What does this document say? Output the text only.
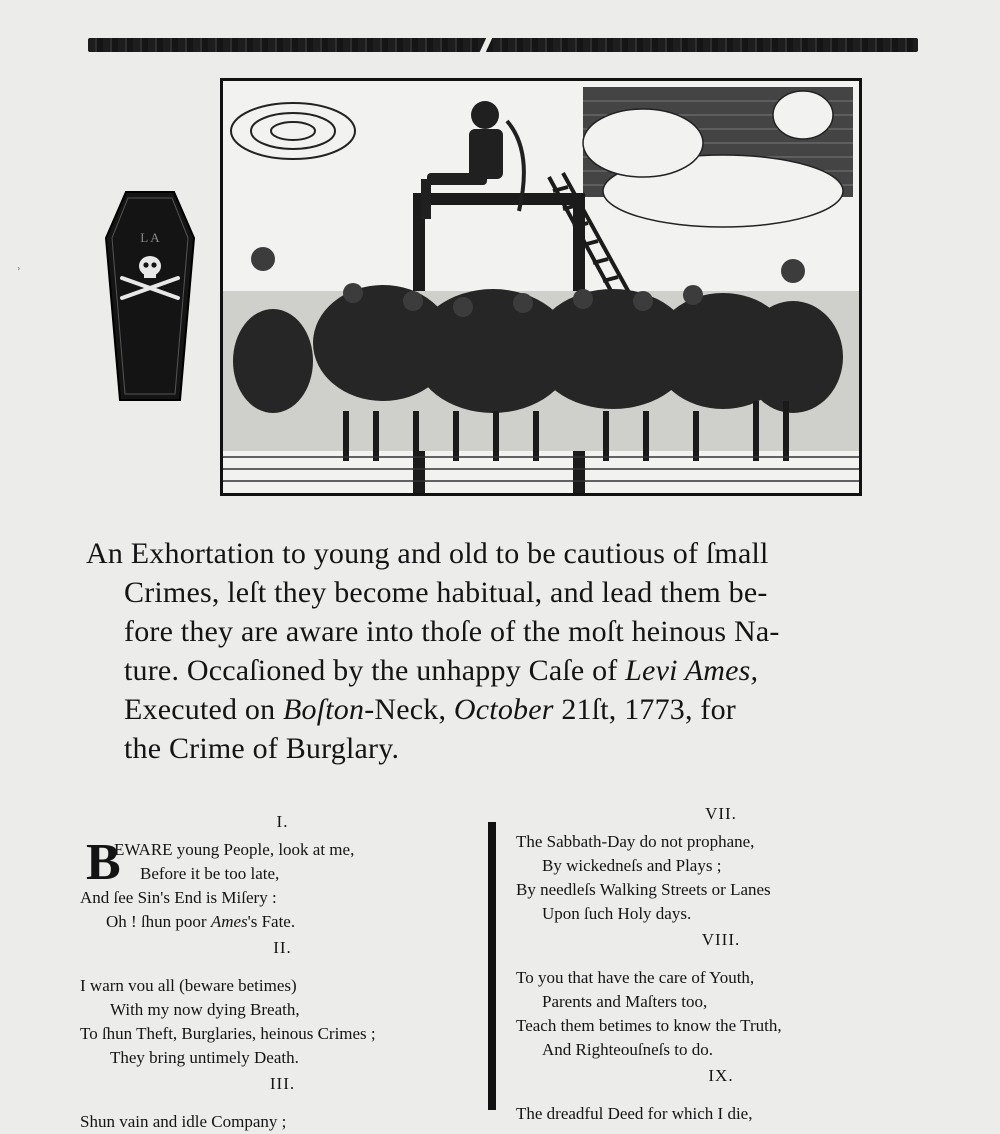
L A
˒
An Exhortation to young and old to be cautious of ſmall
Crimes, leſt they become habitual, and lead them be-
fore they are aware into thoſe of the moſt heinous Na-
ture. Occaſioned by the unhappy Caſe of Levi Ames,
Executed on Boſton-Neck, October 21ſt, 1773, for
the Crime of Burglary.

I.

B
EWARE young People, look at me,
Before it be too late,
And ſee Sin's End is Miſery :
Oh ! ſhun poor Ames's Fate.

II.

I warn vou all (beware betimes)
With my now dying Breath,
To ſhun Theft, Burglaries, heinous Crimes ;
They bring untimely Death.

III.

Shun vain and idle Company ;

VII.

The Sabbath-Day do not prophane,
By wickedneſs and Plays ;
By needleſs Walking Streets or Lanes
Upon ſuch Holy days.

VIII.

To you that have the care of Youth,
Parents and Maſters too,
Teach them betimes to know the Truth,
And Righteouſneſs to do.

IX.

The dreadful Deed for which I die,
